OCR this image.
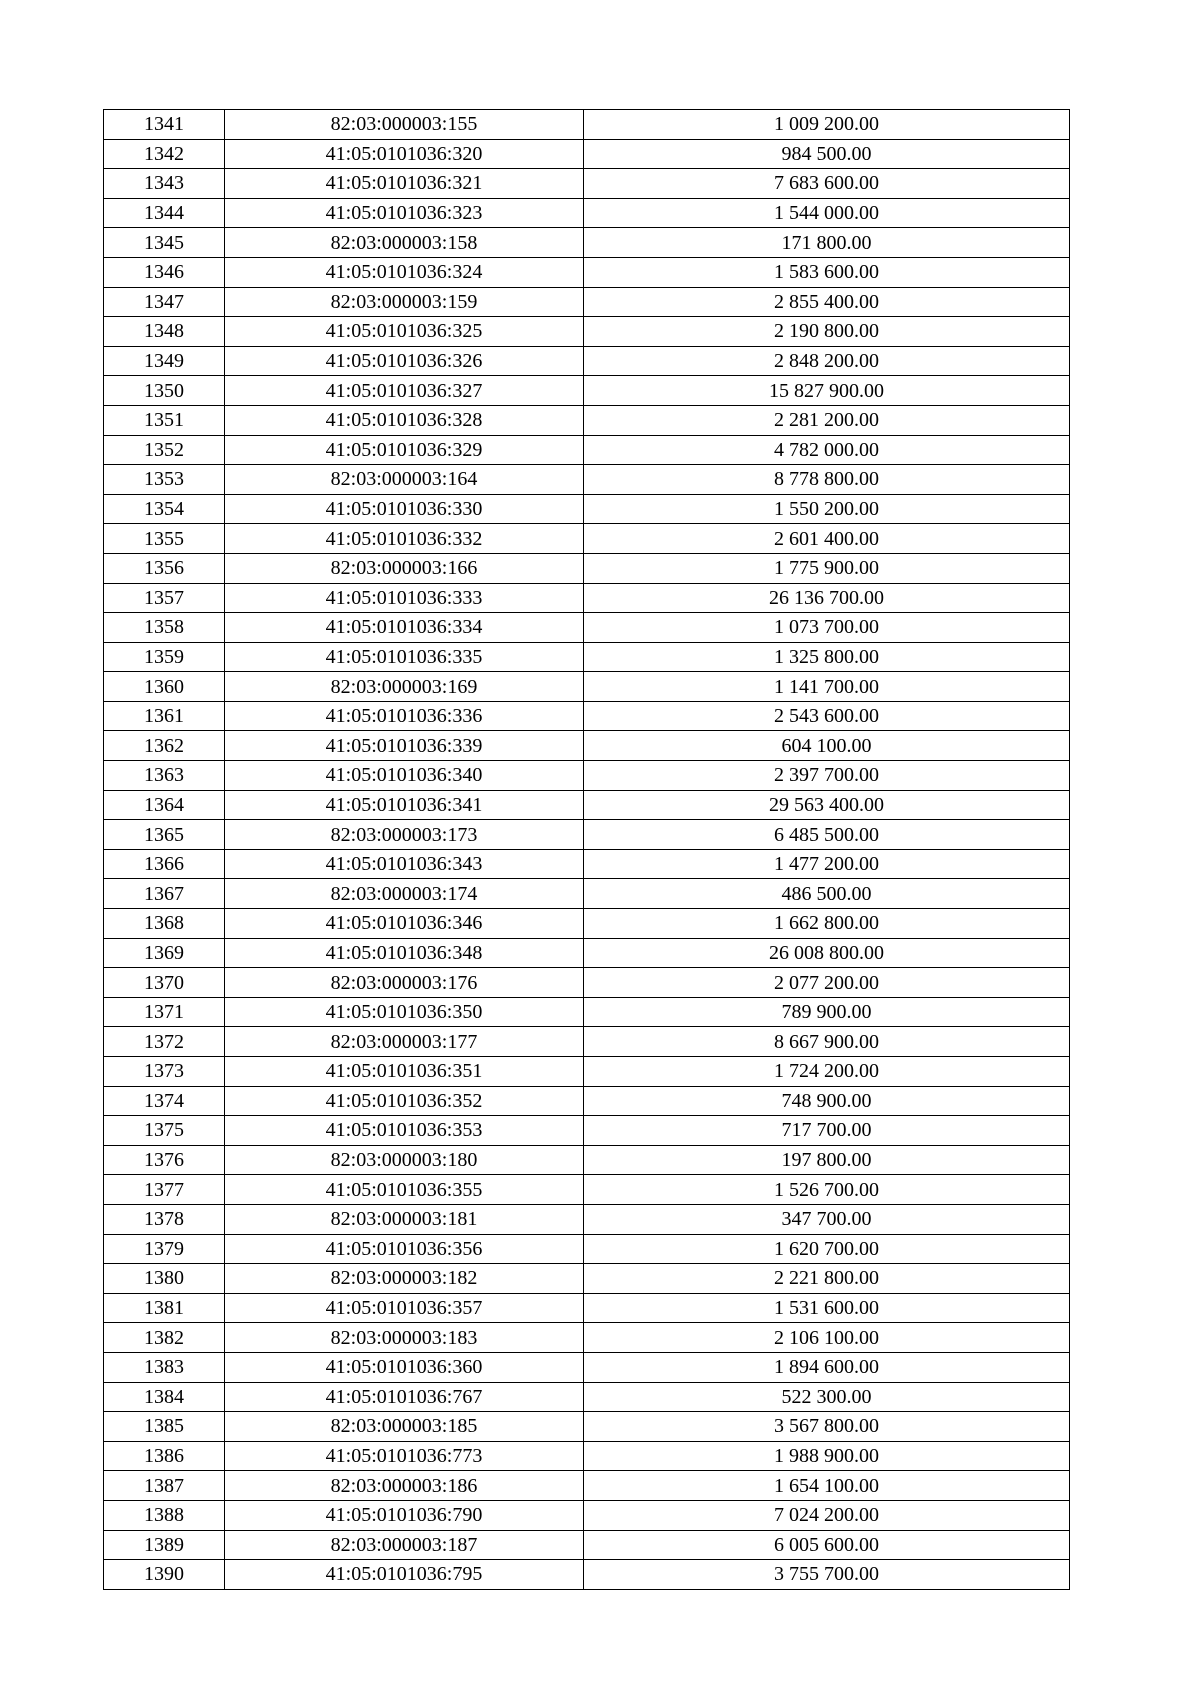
1341	82:03:000003:155	1 009 200.00
1342	41:05:0101036:320	984 500.00
1343	41:05:0101036:321	7 683 600.00
1344	41:05:0101036:323	1 544 000.00
1345	82:03:000003:158	171 800.00
1346	41:05:0101036:324	1 583 600.00
1347	82:03:000003:159	2 855 400.00
1348	41:05:0101036:325	2 190 800.00
1349	41:05:0101036:326	2 848 200.00
1350	41:05:0101036:327	15 827 900.00
1351	41:05:0101036:328	2 281 200.00
1352	41:05:0101036:329	4 782 000.00
1353	82:03:000003:164	8 778 800.00
1354	41:05:0101036:330	1 550 200.00
1355	41:05:0101036:332	2 601 400.00
1356	82:03:000003:166	1 775 900.00
1357	41:05:0101036:333	26 136 700.00
1358	41:05:0101036:334	1 073 700.00
1359	41:05:0101036:335	1 325 800.00
1360	82:03:000003:169	1 141 700.00
1361	41:05:0101036:336	2 543 600.00
1362	41:05:0101036:339	604 100.00
1363	41:05:0101036:340	2 397 700.00
1364	41:05:0101036:341	29 563 400.00
1365	82:03:000003:173	6 485 500.00
1366	41:05:0101036:343	1 477 200.00
1367	82:03:000003:174	486 500.00
1368	41:05:0101036:346	1 662 800.00
1369	41:05:0101036:348	26 008 800.00
1370	82:03:000003:176	2 077 200.00
1371	41:05:0101036:350	789 900.00
1372	82:03:000003:177	8 667 900.00
1373	41:05:0101036:351	1 724 200.00
1374	41:05:0101036:352	748 900.00
1375	41:05:0101036:353	717 700.00
1376	82:03:000003:180	197 800.00
1377	41:05:0101036:355	1 526 700.00
1378	82:03:000003:181	347 700.00
1379	41:05:0101036:356	1 620 700.00
1380	82:03:000003:182	2 221 800.00
1381	41:05:0101036:357	1 531 600.00
1382	82:03:000003:183	2 106 100.00
1383	41:05:0101036:360	1 894 600.00
1384	41:05:0101036:767	522 300.00
1385	82:03:000003:185	3 567 800.00
1386	41:05:0101036:773	1 988 900.00
1387	82:03:000003:186	1 654 100.00
1388	41:05:0101036:790	7 024 200.00
1389	82:03:000003:187	6 005 600.00
1390	41:05:0101036:795	3 755 700.00
